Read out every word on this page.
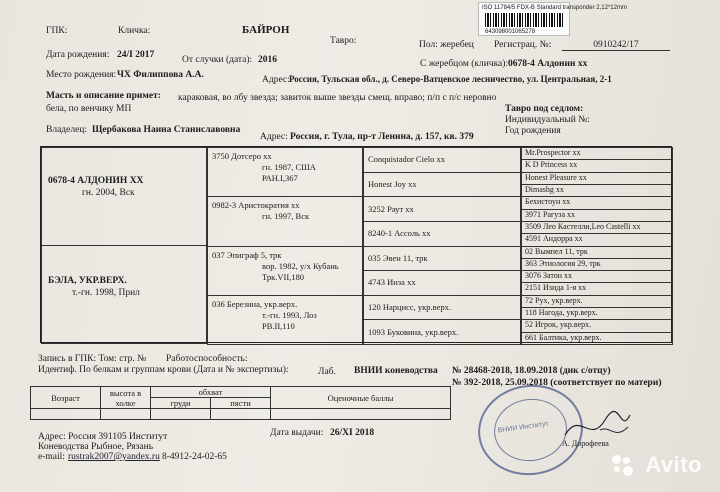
ISO 11784/5 FDX-B Standard transponder 2,12*12mm
643098001065278
ГПК:	Кличка:	БАЙРОН
Тавро:	Пол: жеребец Регистрац. №:	0910242/17
Дата рождения: 24/I 2017	От случки (дата): 2016	С жеребцом (кличка): 0678-4 Алдонин хх
Место рождения: ЧХ Филиппова А.А.	Адрес: Россия, Тульская обл., д. Северо-Ватцевское лесничество, ул. Центральная, 2-1
Масть и описание примет: караковая, во лбу звезда; завиток выше звезды смещ. вправо; п/п с п/с неровно
бела, по венчику МП	Тавро под седлом:
Индивидуальный №:
Год рождения
Владелец: Щербакова Наина Станиславовна
Адрес: Россия, г. Тула, пр-т Ленина, д. 157, кв. 379
0678-4 АЛДОНИН ХХ
гн. 2004, Вск
БЭЛА, УКР.ВЕРХ.
т.-гн. 1998, Прил
3750 Дотсеро хх
гн. 1987, США
РАН.I,367
0982-3 Аристократия хх
гн. 1997, Вск
037 Эпиграф 5, трк
вор. 1982, у/х Кубань
Трк.VII,180
036 Березина, укр.верх.
т.-гн. 1993, Лоз
РВ.II,110
Conquistador Cielo хх
Honest Joy хх
3252 Раут хх
8240-1 Ассоль хх
035 Эвен 11, трк
4743 Инза хх
120 Нарцисс, укр.верх.
1093 Буковина, укр.верх.
Mr.Prospector хх
K D Princess хх
Honest Pleasure хх
Dimashg хх
Бехистоун хх
3971 Рагуза хх
3509 Лео Кастелли,Leo Castelli хх
4591 Андорра хх
02 Вымпел 11, трк
363 Этиология 29, трк
3076 Затон хх
2151 Изида 1-я хх
72 Рух, укр.верх.
118 Нагода, укр.верх.
52 Игрок, укр.верх.
661 Балтика, укр.верх.
Запись в ГПК: Том: стр. № Работоспособность:
Идентиф. По белкам и группам крови (Дата и № экспертизы):	Лаб. ВНИИ коневодства № 28468-2018, 18.09.2018 (дик с/отцу)
№ 392-2018, 25.09.2018 (соответствует по матери)
Возраст	высота в холке	обхват		Оценочные баллы
		груди	пясти	

Адрес: Россия 391105 Институт
Коневодства Рыбное, Рязань
e-mail: rustrak2007@yandex.ru 8-4912-24-02-65
Дата выдачи: 26/XI 2018	ВНИИ Институт
А. Дорофеева
Avito
